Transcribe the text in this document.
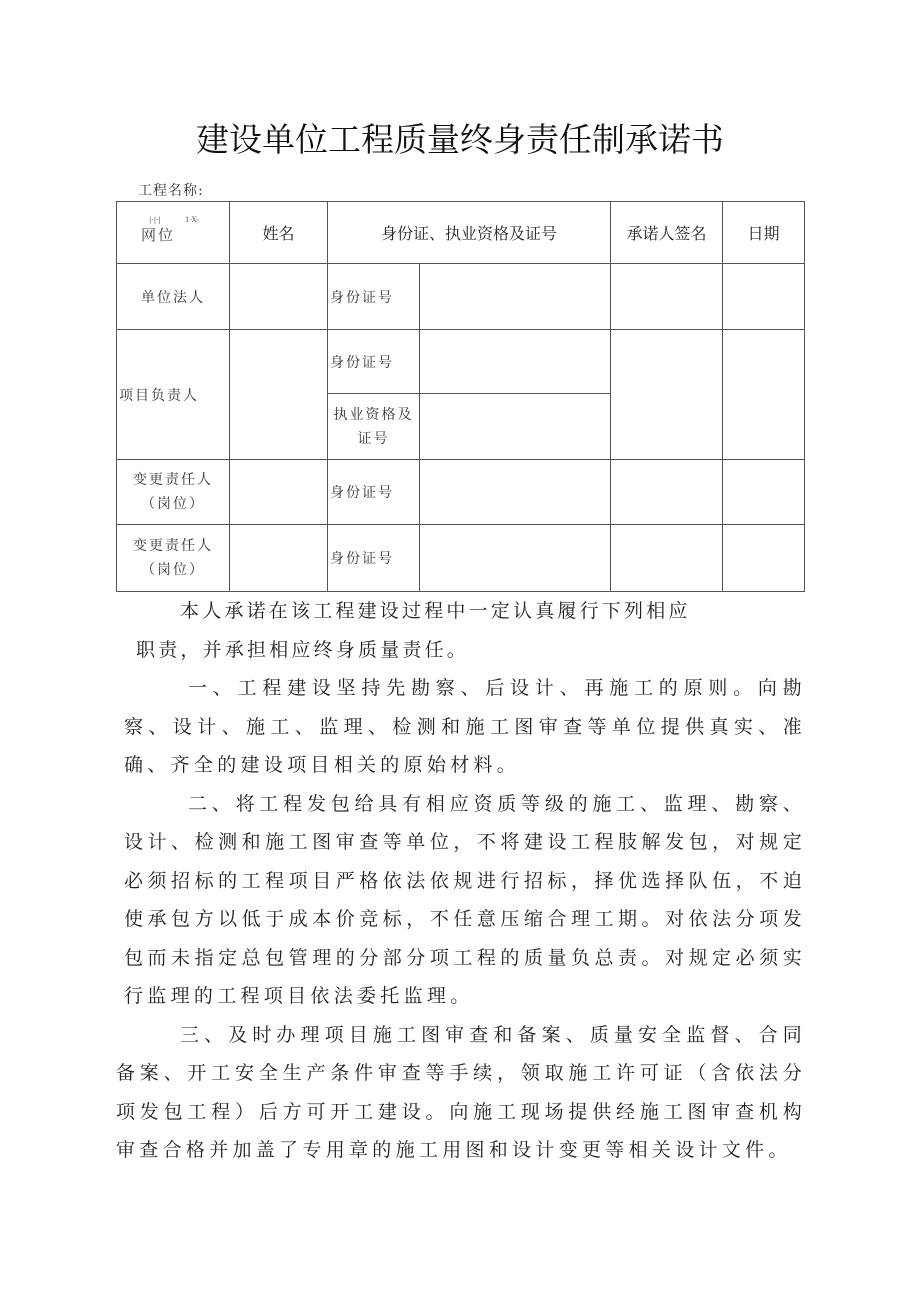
建设单位工程质量终身责任制承诺书
工程名称:
|-|-| 1-X-
网位	姓名	身份证、执业资格及证号		承诺人签名	日期
单位法人		身份证号			
项目负责人		身份证号			
		执业资格及证号			

变更责任人
（岗位）		身份证号			

变更责任人
（岗位）		身份证号			

本人承诺在该工程建设过程中一定认真履行下列相应

职责，并承担相应终身质量责任。

一、工程建设坚持先勘察、后设计、再施工的原则。向勘察、设计、施工、监理、检测和施工图审查等单位提供真实、准确、齐全的建设项目相关的原始材料。

二、将工程发包给具有相应资质等级的施工、监理、勘察、设计、检测和施工图审查等单位，不将建设工程肢解发包，对规定必须招标的工程项目严格依法依规进行招标，择优选择队伍，不迫使承包方以低于成本价竞标，不任意压缩合理工期。对依法分项发包而未指定总包管理的分部分项工程的质量负总责。对规定必须实行监理的工程项目依法委托监理。

三、及时办理项目施工图审查和备案、质量安全监督、合同备案、开工安全生产条件审查等手续，领取施工许可证（含依法分项发包工程）后方可开工建设。向施工现场提供经施工图审查机构审查合格并加盖了专用章的施工用图和设计变更等相关设计文件。
